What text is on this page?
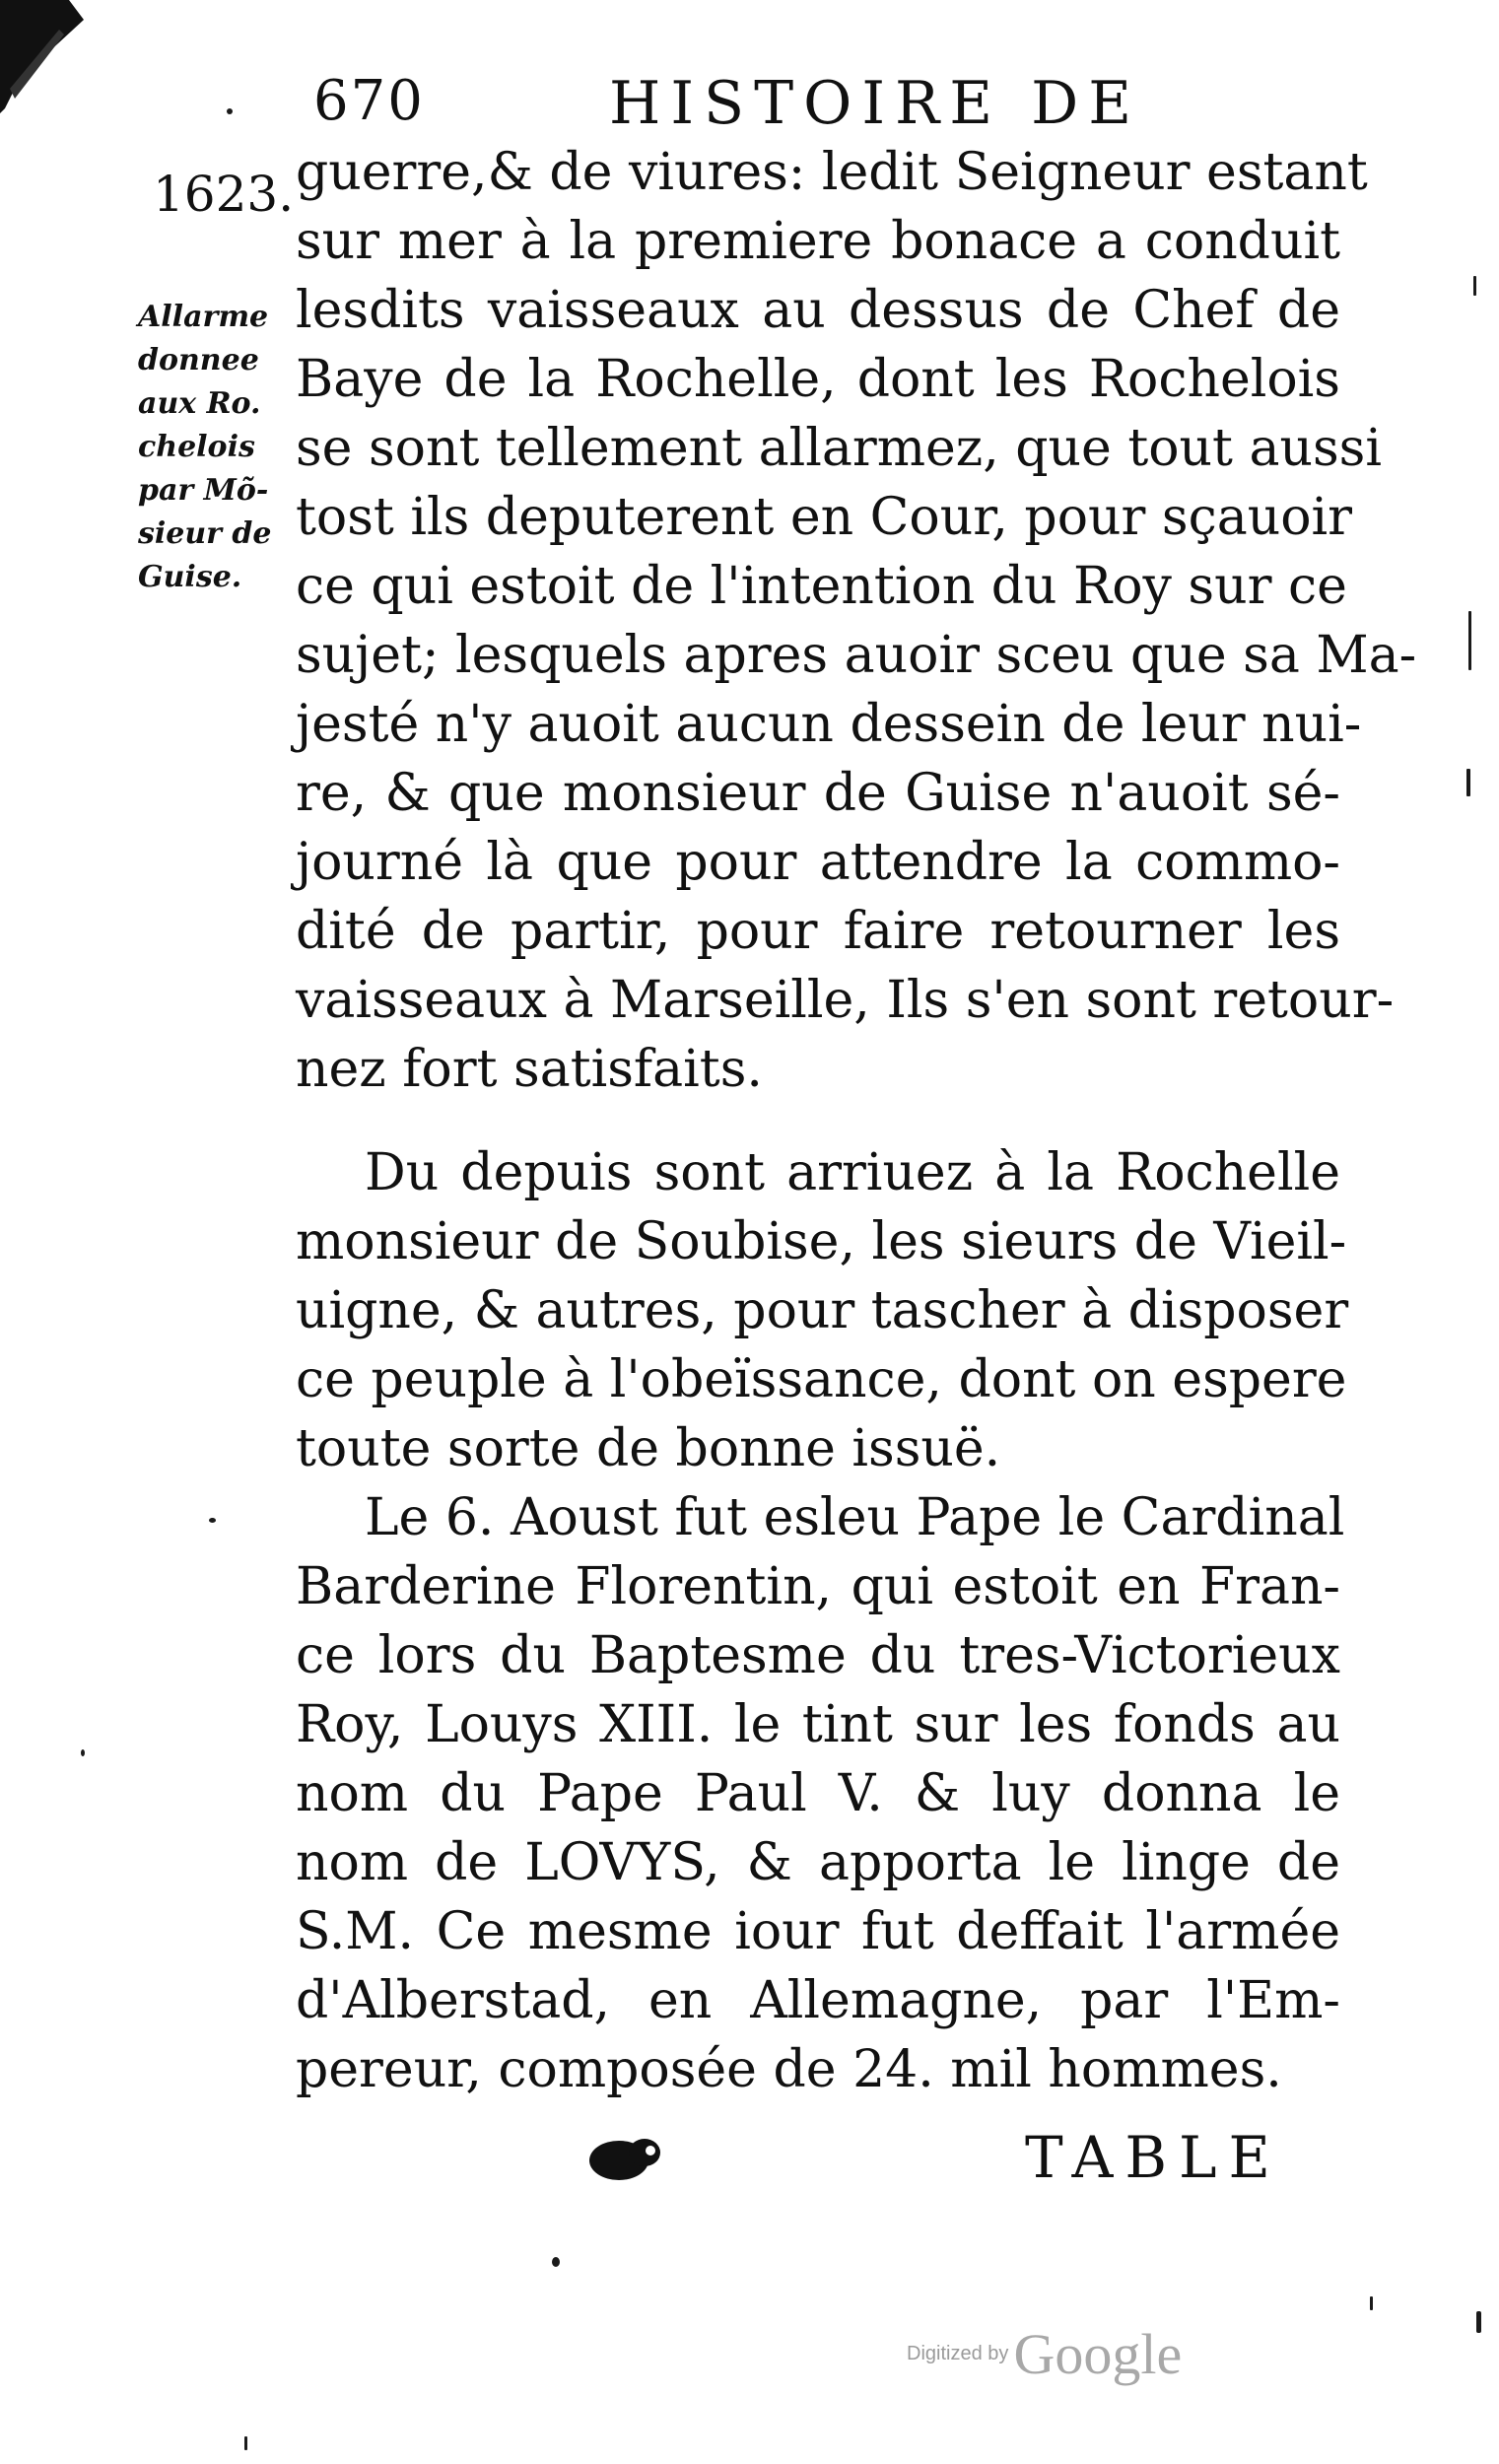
670	HISTOIRE DE
1623.
Allarme
donnee
aux Ro.
chelois
par Mõ-
sieur de
Guise.
guerre,& de viures: ledit Seigneur estant
sur mer à la premiere bonace a conduit
lesdits vaisseaux au dessus de Chef de
Baye de la Rochelle, dont les Rochelois
se sont tellement allarmez, que tout aussi
tost ils deputerent en Cour, pour sçauoir
ce qui estoit de l'intention du Roy sur ce
sujet; lesquels apres auoir sceu que sa Ma-
jesté n'y auoit aucun dessein de leur nui-
re, & que monsieur de Guise n'auoit sé-
journé là que pour attendre la commo-
dité de partir, pour faire retourner les
vaisseaux à Marseille, Ils s'en sont retour-
nez fort satisfaits.
Du depuis sont arriuez à la Rochelle
monsieur de Soubise, les sieurs de Vieil-
uigne, & autres, pour tascher à disposer
ce peuple à l'obeïssance, dont on espere
toute sorte de bonne issuë.
Le 6. Aoust fut esleu Pape le Cardinal
Barderine Florentin, qui estoit en Fran-
ce lors du Baptesme du tres-Victorieux
Roy, Louys XIII. le tint sur les fonds au
nom du Pape Paul V. & luy donna le
nom de LOVYS, & apporta le linge de
S.M. Ce mesme iour fut deffait l'armée
d'Alberstad, en Allemagne, par l'Em-
pereur, composée de 24. mil hommes.
TABLE
Digitized by Google
